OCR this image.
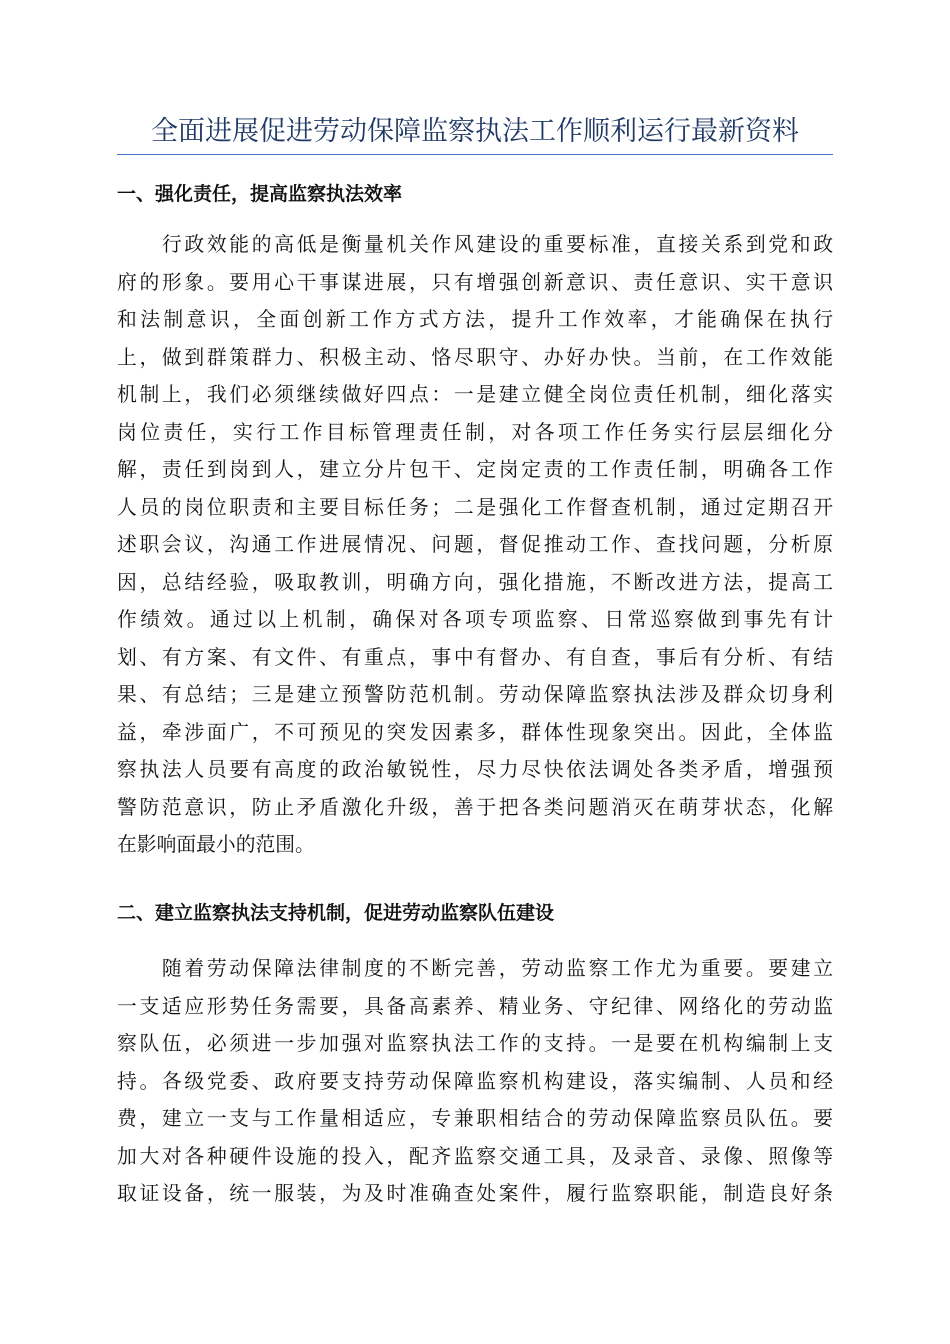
全面进展促进劳动保障监察执法工作顺利运行最新资料
一、强化责任，提高监察执法效率
　　行政效能的高低是衡量机关作风建设的重要标准，直接关系到党和政
府的形象。要用心干事谋进展，只有增强创新意识、责任意识、实干意识
和法制意识，全面创新工作方式方法，提升工作效率，才能确保在执行
上，做到群策群力、积极主动、恪尽职守、办好办快。当前，在工作效能
机制上，我们必须继续做好四点：一是建立健全岗位责任机制，细化落实
岗位责任，实行工作目标管理责任制，对各项工作任务实行层层细化分
解，责任到岗到人，建立分片包干、定岗定责的工作责任制，明确各工作
人员的岗位职责和主要目标任务；二是强化工作督查机制，通过定期召开
述职会议，沟通工作进展情况、问题，督促推动工作、查找问题，分析原
因，总结经验，吸取教训，明确方向，强化措施，不断改进方法，提高工
作绩效。通过以上机制，确保对各项专项监察、日常巡察做到事先有计
划、有方案、有文件、有重点，事中有督办、有自查，事后有分析、有结
果、有总结；三是建立预警防范机制。劳动保障监察执法涉及群众切身利
益，牵涉面广，不可预见的突发因素多，群体性现象突出。因此，全体监
察执法人员要有高度的政治敏锐性，尽力尽快依法调处各类矛盾，增强预
警防范意识，防止矛盾激化升级，善于把各类问题消灭在萌芽状态，化解
在影响面最小的范围。
二、建立监察执法支持机制，促进劳动监察队伍建设
　　随着劳动保障法律制度的不断完善，劳动监察工作尤为重要。要建立
一支适应形势任务需要，具备高素养、精业务、守纪律、网络化的劳动监
察队伍，必须进一步加强对监察执法工作的支持。一是要在机构编制上支
持。各级党委、政府要支持劳动保障监察机构建设，落实编制、人员和经
费，建立一支与工作量相适应，专兼职相结合的劳动保障监察员队伍。要
加大对各种硬件设施的投入，配齐监察交通工具，及录音、录像、照像等
取证设备，统一服装，为及时准确查处案件，履行监察职能，制造良好条
